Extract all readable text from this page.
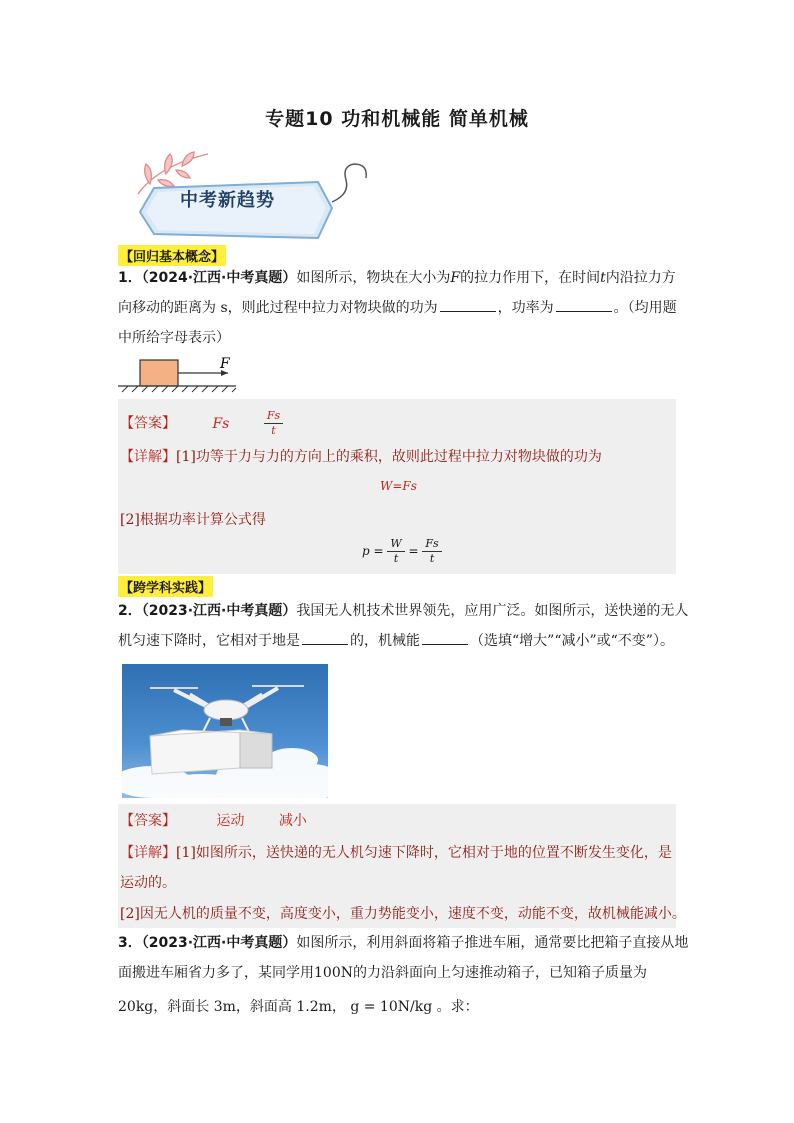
专题10 功和机械能 简单机械
中考新趋势
【回归基本概念】
1．（2024·江西·中考真题）如图所示，物块在大小为F的拉力作用下，在时间t内沿拉力方
向移动的距离为 s，则此过程中拉力对物块做的功为	，功率为	。（均用题
中所给字母表示）
F
【答案】	Fs	$\frac{Fs}{t}$
【详解】[1]功等于力与力的方向上的乘积，故则此过程中拉力对物块做的功为
W=Fs
[2]根据功率计算公式得
$p = \frac{W}{t} = \frac{Fs}{t}$
【跨学科实践】
2．（2023·江西·中考真题）我国无人机技术世界领先，应用广泛。如图所示，送快递的无人
机匀速下降时，它相对于地是	的，机械能	（选填“增大”“减小”或“不变”）。
【答案】	运动 减小
【详解】[1]如图所示，送快递的无人机匀速下降时，它相对于地的位置不断发生变化，是
运动的。
[2]因无人机的质量不变，高度变小，重力势能变小，速度不变，动能不变，故机械能减小。
3．（2023·江西·中考真题）如图所示，利用斜面将箱子推进车厢，通常要比把箱子直接从地
面搬进车厢省力多了，某同学用100N的力沿斜面向上匀速推动箱子，已知箱子质量为
20kg，斜面长 3m，斜面高 1.2m， g = 10N/kg 。求：
